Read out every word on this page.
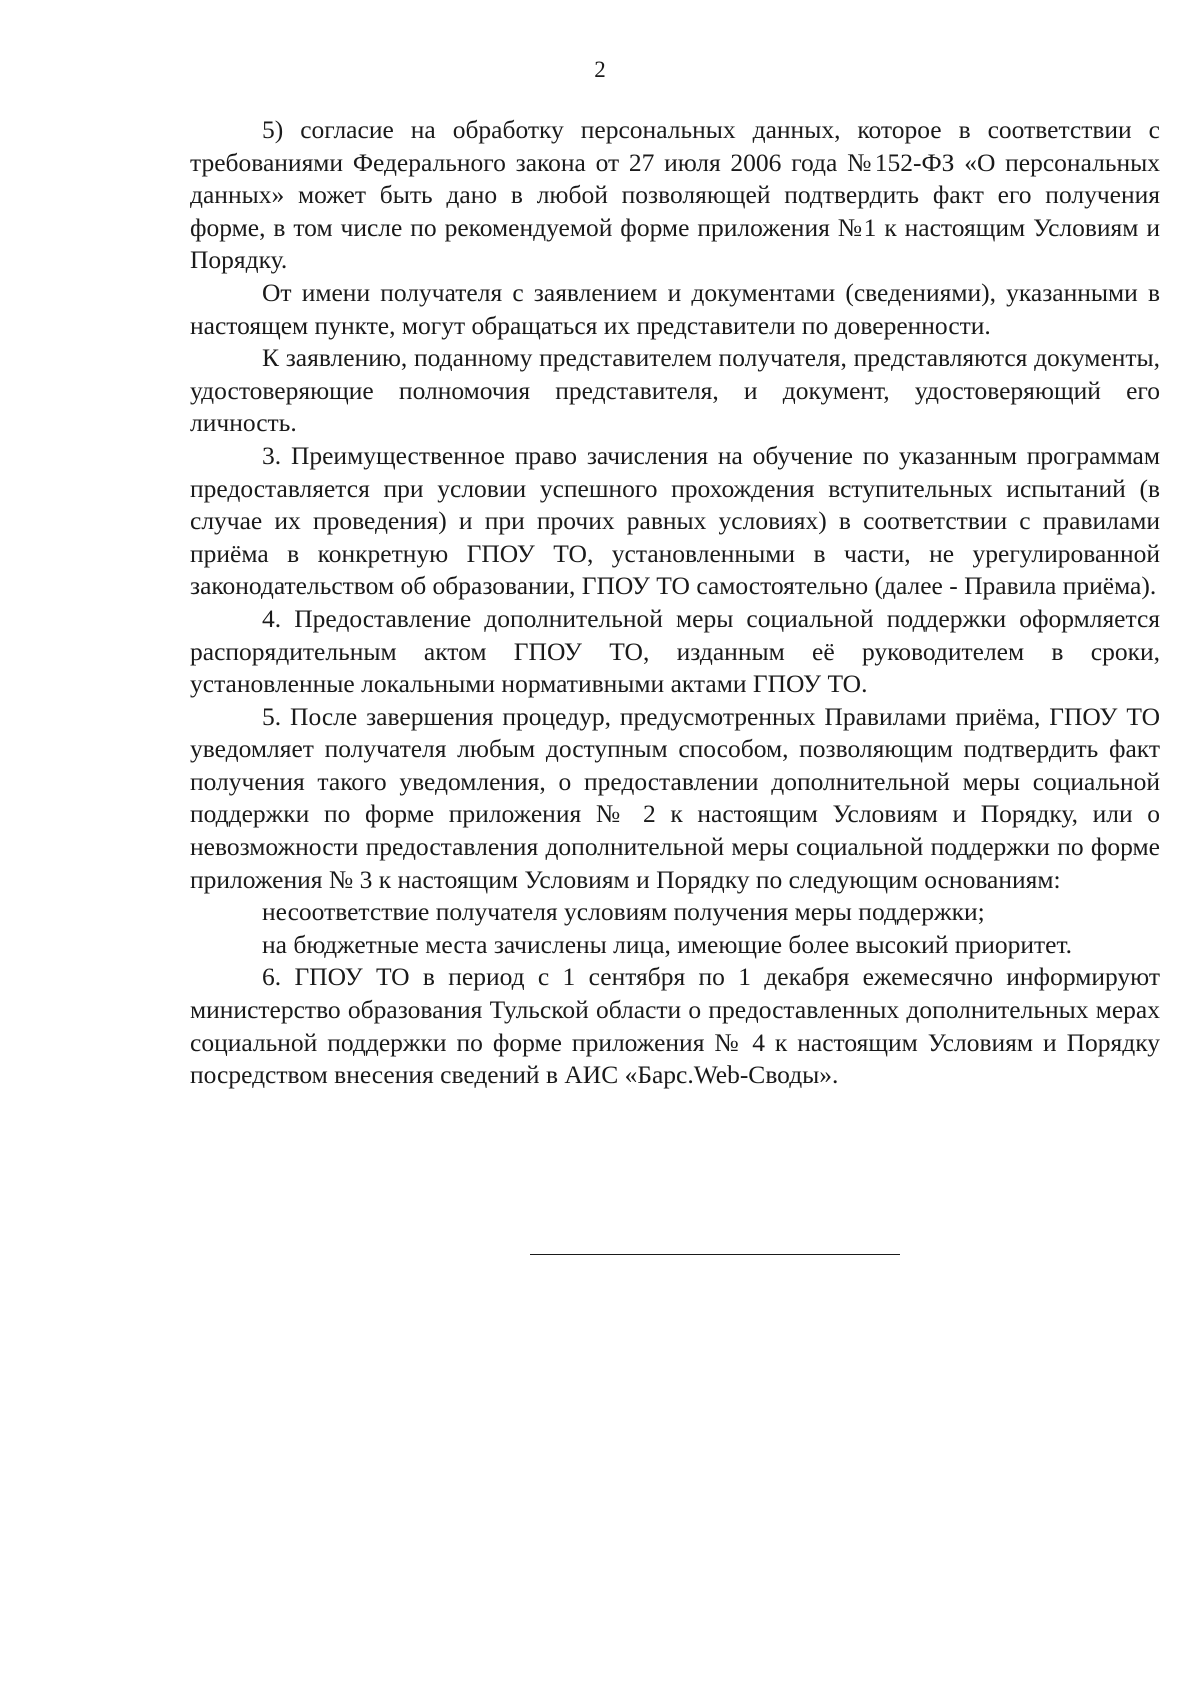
2

5) согласие на обработку персональных данных, которое в соответствии с требованиями Федерального закона от 27 июля 2006 года №152-ФЗ «О персональных данных» может быть дано в любой позволяющей подтвердить факт его получения форме, в том числе по рекомендуемой форме приложения №1 к настоящим Условиям и Порядку.

От имени получателя с заявлением и документами (сведениями), указанными в настоящем пункте, могут обращаться их представители по доверенности.

К заявлению, поданному представителем получателя, представляются документы, удостоверяющие полномочия представителя, и документ, удостоверяющий его личность.

3. Преимущественное право зачисления на обучение по указанным программам предоставляется при условии успешного прохождения вступительных испытаний (в случае их проведения) и при прочих равных условиях) в соответствии с правилами приёма в конкретную ГПОУ ТО, установленными в части, не урегулированной законодательством об образовании, ГПОУ ТО самостоятельно (далее - Правила приёма).

4. Предоставление дополнительной меры социальной поддержки оформляется распорядительным актом ГПОУ ТО, изданным её руководителем в сроки, установленные локальными нормативными актами ГПОУ ТО.

5. После завершения процедур, предусмотренных Правилами приёма, ГПОУ ТО уведомляет получателя любым доступным способом, позволяющим подтвердить факт получения такого уведомления, о предоставлении дополнительной меры социальной поддержки по форме приложения № 2 к настоящим Условиям и Порядку, или о невозможности предоставления дополнительной меры социальной поддержки по форме приложения № 3 к настоящим Условиям и Порядку по следующим основаниям:

несоответствие получателя условиям получения меры поддержки;

на бюджетные места зачислены лица, имеющие более высокий приоритет.

6. ГПОУ ТО в период с 1 сентября по 1 декабря ежемесячно информируют министерство образования Тульской области о предоставленных дополнительных мерах социальной поддержки по форме приложения № 4 к настоящим Условиям и Порядку посредством внесения сведений в АИС «Барс.Web-Своды».
